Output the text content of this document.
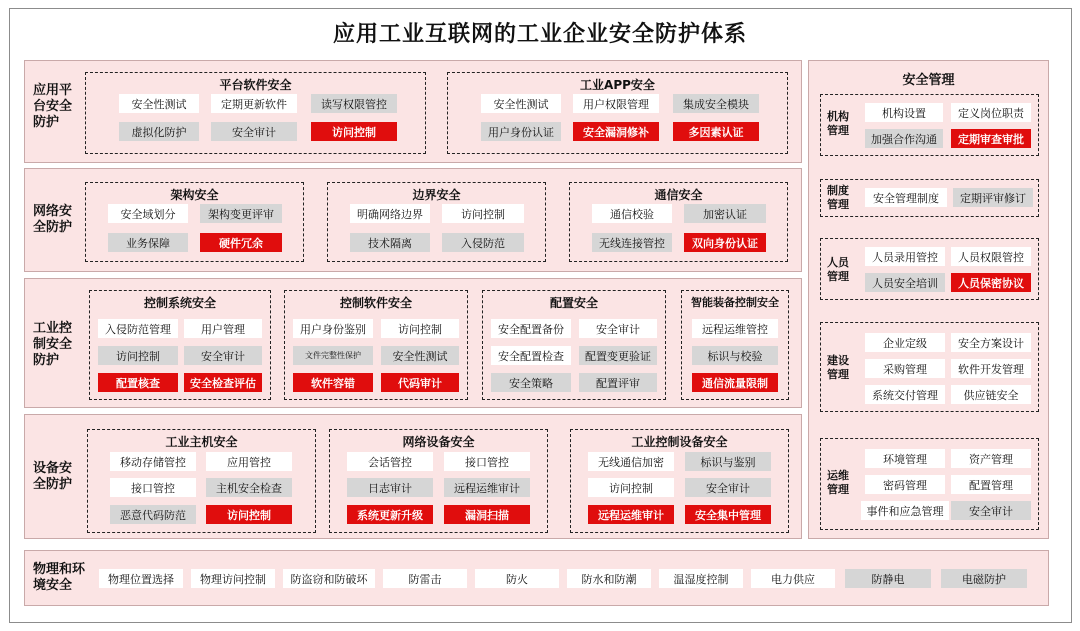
应用工业互联网的工业企业安全防护体系
应用平台安全防护
平台软件安全
安全性测试	定期更新软件	读写权限管控
虚拟化防护	安全审计	访问控制
工业APP安全
安全性测试	用户权限管理	集成安全模块
用户身份认证	安全漏洞修补	多因素认证
网络安全防护
架构安全
安全域划分	架构变更评审
业务保障	硬件冗余
边界安全
明确网络边界	访问控制
技术隔离	入侵防范
通信安全
通信校验	加密认证
无线连接管控	双向身份认证
工业控制安全防护
控制系统安全
入侵防范管理	用户管理
访问控制	安全审计
配置核查	安全检查评估
控制软件安全
用户身份鉴别	访问控制
文件完整性保护	安全性测试
软件容错	代码审计
配置安全
安全配置备份	安全审计
安全配置检查	配置变更验证
安全策略	配置评审
智能装备控制安全
远程运维管控
标识与校验
通信流量限制
设备安全防护
工业主机安全
移动存储管控	应用管控
接口管控	主机安全检查
恶意代码防范	访问控制
网络设备安全
会话管控	接口管控
日志审计	远程运维审计
系统更新升级	漏洞扫描
工业控制设备安全
无线通信加密	标识与鉴别
访问控制	安全审计
远程运维审计	安全集中管理
安全管理
机构管理
机构设置	定义岗位职责
加强合作沟通	定期审查审批
制度管理	安全管理制度	定期评审修订
人员管理
人员录用管控	人员权限管控
人员安全培训	人员保密协议
建设管理
企业定级	安全方案设计
采购管理	软件开发管理
系统交付管理	供应链安全
运维管理
环境管理	资产管理
密码管理	配置管理
事件和应急管理	安全审计
物理和环境安全	物理位置选择	物理访问控制	防盗窃和防破坏	防雷击	防火	防水和防潮	温湿度控制	电力供应	防静电	电磁防护
